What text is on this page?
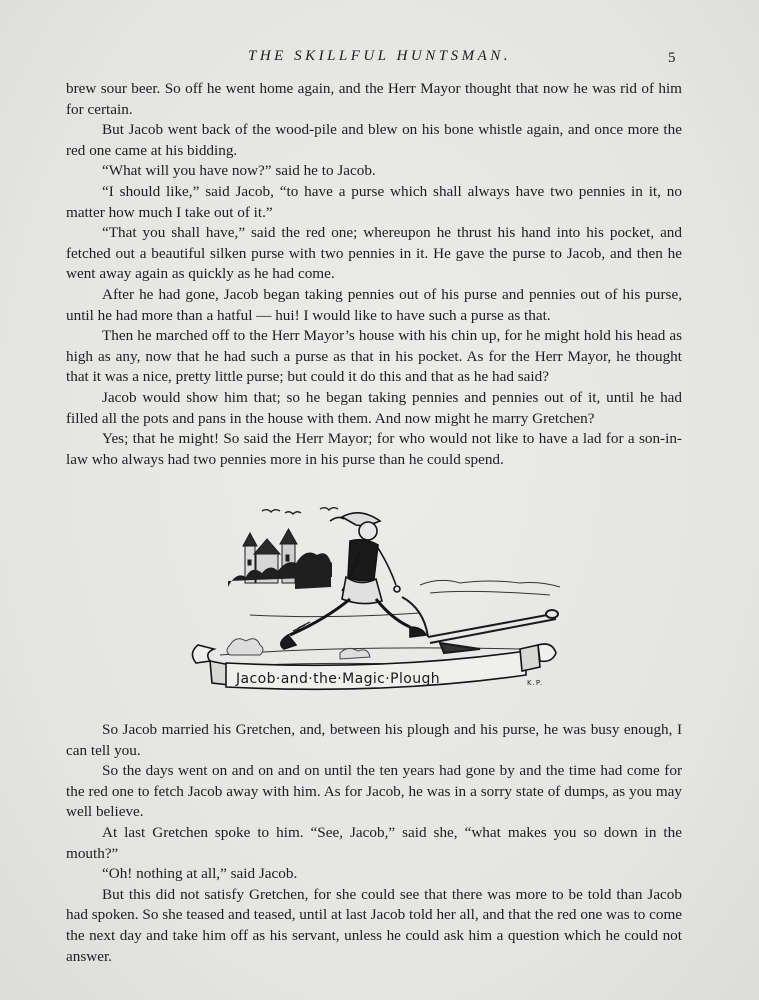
THE SKILLFUL HUNTSMAN.	5

brew sour beer. So off he went home again, and the Herr Mayor thought that now he was rid of him for certain.

But Jacob went back of the wood-pile and blew on his bone whistle again, and once more the red one came at his bidding.

“What will you have now?” said he to Jacob.

“I should like,” said Jacob, “to have a purse which shall always have two pennies in it, no matter how much I take out of it.”

“That you shall have,” said the red one; whereupon he thrust his hand into his pocket, and fetched out a beautiful silken purse with two pennies in it. He gave the purse to Jacob, and then he went away again as quickly as he had come.

After he had gone, Jacob began taking pennies out of his purse and pennies out of his purse, until he had more than a hatful — hui! I would like to have such a purse as that.

Then he marched off to the Herr Mayor’s house with his chin up, for he might hold his head as high as any, now that he had such a purse as that in his pocket. As for the Herr Mayor, he thought that it was a nice, pretty little purse; but could it do this and that as he had said?

Jacob would show him that; so he began taking pennies and pennies out of it, until he had filled all the pots and pans in the house with them. And now might he marry Gretchen?

Yes; that he might! So said the Herr Mayor; for who would not like to have a lad for a son-in-law who always had two pennies more in his purse than he could spend.

Jacob·and·the·Magic·Plough	K.P.

So Jacob married his Gretchen, and, between his plough and his purse, he was busy enough, I can tell you.

So the days went on and on and on until the ten years had gone by and the time had come for the red one to fetch Jacob away with him. As for Jacob, he was in a sorry state of dumps, as you may well believe.

At last Gretchen spoke to him. “See, Jacob,” said she, “what makes you so down in the mouth?”

“Oh! nothing at all,” said Jacob.

But this did not satisfy Gretchen, for she could see that there was more to be told than Jacob had spoken. So she teased and teased, until at last Jacob told her all, and that the red one was to come the next day and take him off as his servant, unless he could ask him a question which he could not answer.
